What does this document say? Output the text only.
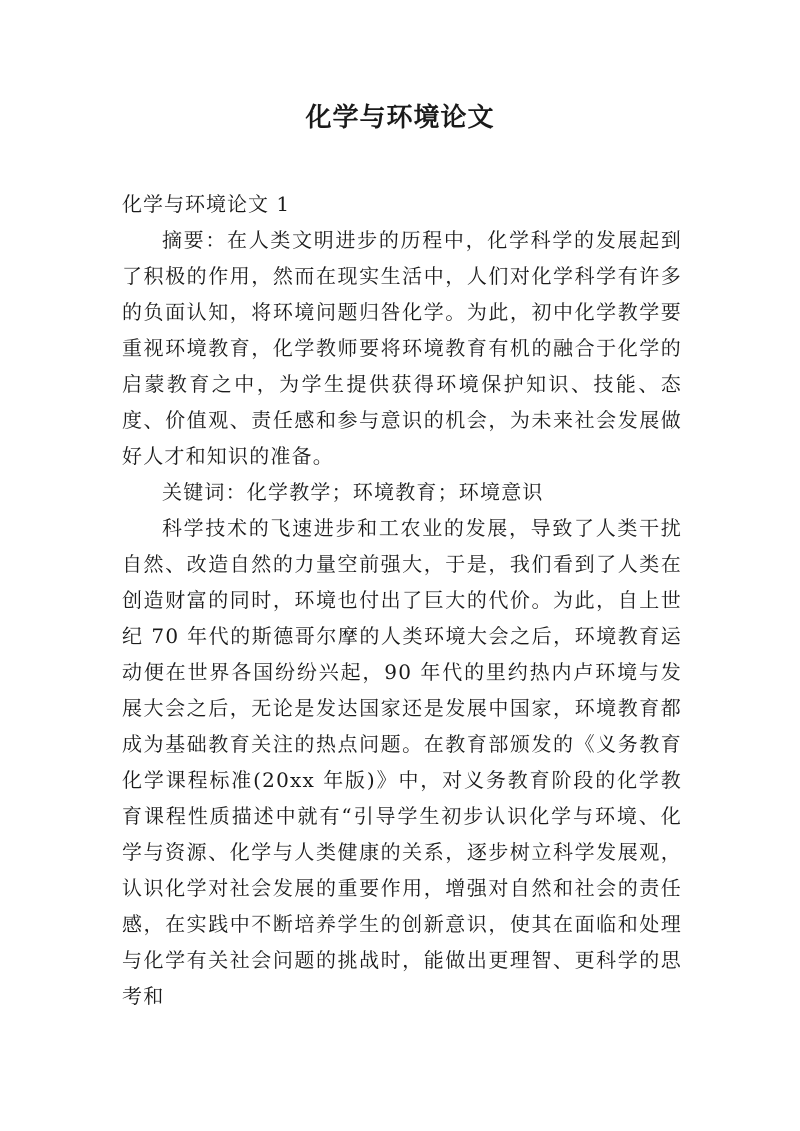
化学与环境论文

化学与环境论文 1

摘要：在人类文明进步的历程中，化学科学的发展起到了积极的作用，然而在现实生活中，人们对化学科学有许多的负面认知，将环境问题归咎化学。为此，初中化学教学要重视环境教育，化学教师要将环境教育有机的融合于化学的启蒙教育之中，为学生提供获得环境保护知识、技能、态度、价值观、责任感和参与意识的机会，为未来社会发展做好人才和知识的准备。

关键词：化学教学；环境教育；环境意识

科学技术的飞速进步和工农业的发展，导致了人类干扰自然、改造自然的力量空前强大，于是，我们看到了人类在创造财富的同时，环境也付出了巨大的代价。为此，自上世纪 70 年代的斯德哥尔摩的人类环境大会之后，环境教育运动便在世界各国纷纷兴起，90 年代的里约热内卢环境与发展大会之后，无论是发达国家还是发展中国家，环境教育都成为基础教育关注的热点问题。在教育部颁发的《义务教育化学课程标准(20xx 年版)》中，对义务教育阶段的化学教育课程性质描述中就有“引导学生初步认识化学与环境、化学与资源、化学与人类健康的关系，逐步树立科学发展观，认识化学对社会发展的重要作用，增强对自然和社会的责任感，在实践中不断培养学生的创新意识，使其在面临和处理与化学有关社会问题的挑战时，能做出更理智、更科学的思考和
